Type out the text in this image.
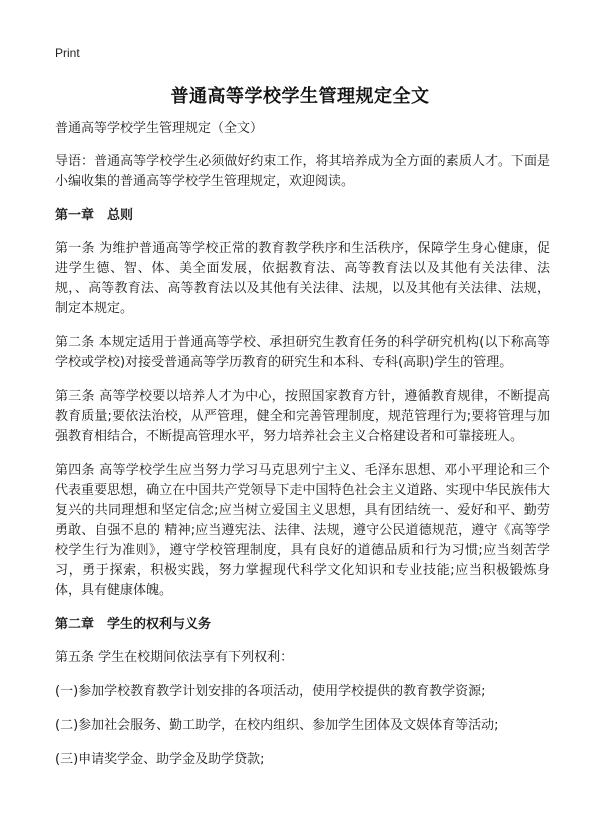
Print
普通高等学校学生管理规定全文

普通高等学校学生管理规定（全文）

导语：普通高等学校学生必须做好约束工作，将其培养成为全方面的素质人才。下面是小编收集的普通高等学校学生管理规定，欢迎阅读。

第一章　总则

第一条 为维护普通高等学校正常的教育教学秩序和生活秩序，保障学生身心健康，促进学生德、智、体、美全面发展，依据教育法、高等教育法以及其他有关法律、法规，、高等教育法、高等教育法以及其他有关法律、法规，以及其他有关法律、法规，制定本规定。

第二条 本规定适用于普通高等学校、承担研究生教育任务的科学研究机构(以下称高等学校或学校)对接受普通高等学历教育的研究生和本科、专科(高职)学生的管理。

第三条 高等学校要以培养人才为中心，按照国家教育方针，遵循教育规律，不断提高教育质量;要依法治校，从严管理，健全和完善管理制度，规范管理行为;要将管理与加强教育相结合，不断提高管理水平，努力培养社会主义合格建设者和可靠接班人。

第四条 高等学校学生应当努力学习马克思列宁主义、毛泽东思想、邓小平理论和三个代表重要思想，确立在中国共产党领导下走中国特色社会主义道路、实现中华民族伟大复兴的共同理想和坚定信念;应当树立爱国主义思想，具有团结统一、爱好和平、勤劳勇敢、自强不息的 精神;应当遵宪法、法律、法规，遵守公民道德规范，遵守《高等学校学生行为准则》，遵守学校管理制度，具有良好的道德品质和行为习惯;应当刻苦学习，勇于探索，积极实践，努力掌握现代科学文化知识和专业技能;应当积极锻炼身体，具有健康体魄。

第二章　学生的权利与义务

第五条 学生在校期间依法享有下列权利：

(一)参加学校教育教学计划安排的各项活动，使用学校提供的教育教学资源;

(二)参加社会服务、勤工助学，在校内组织、参加学生团体及文娱体育等活动;

(三)申请奖学金、助学金及助学贷款;
